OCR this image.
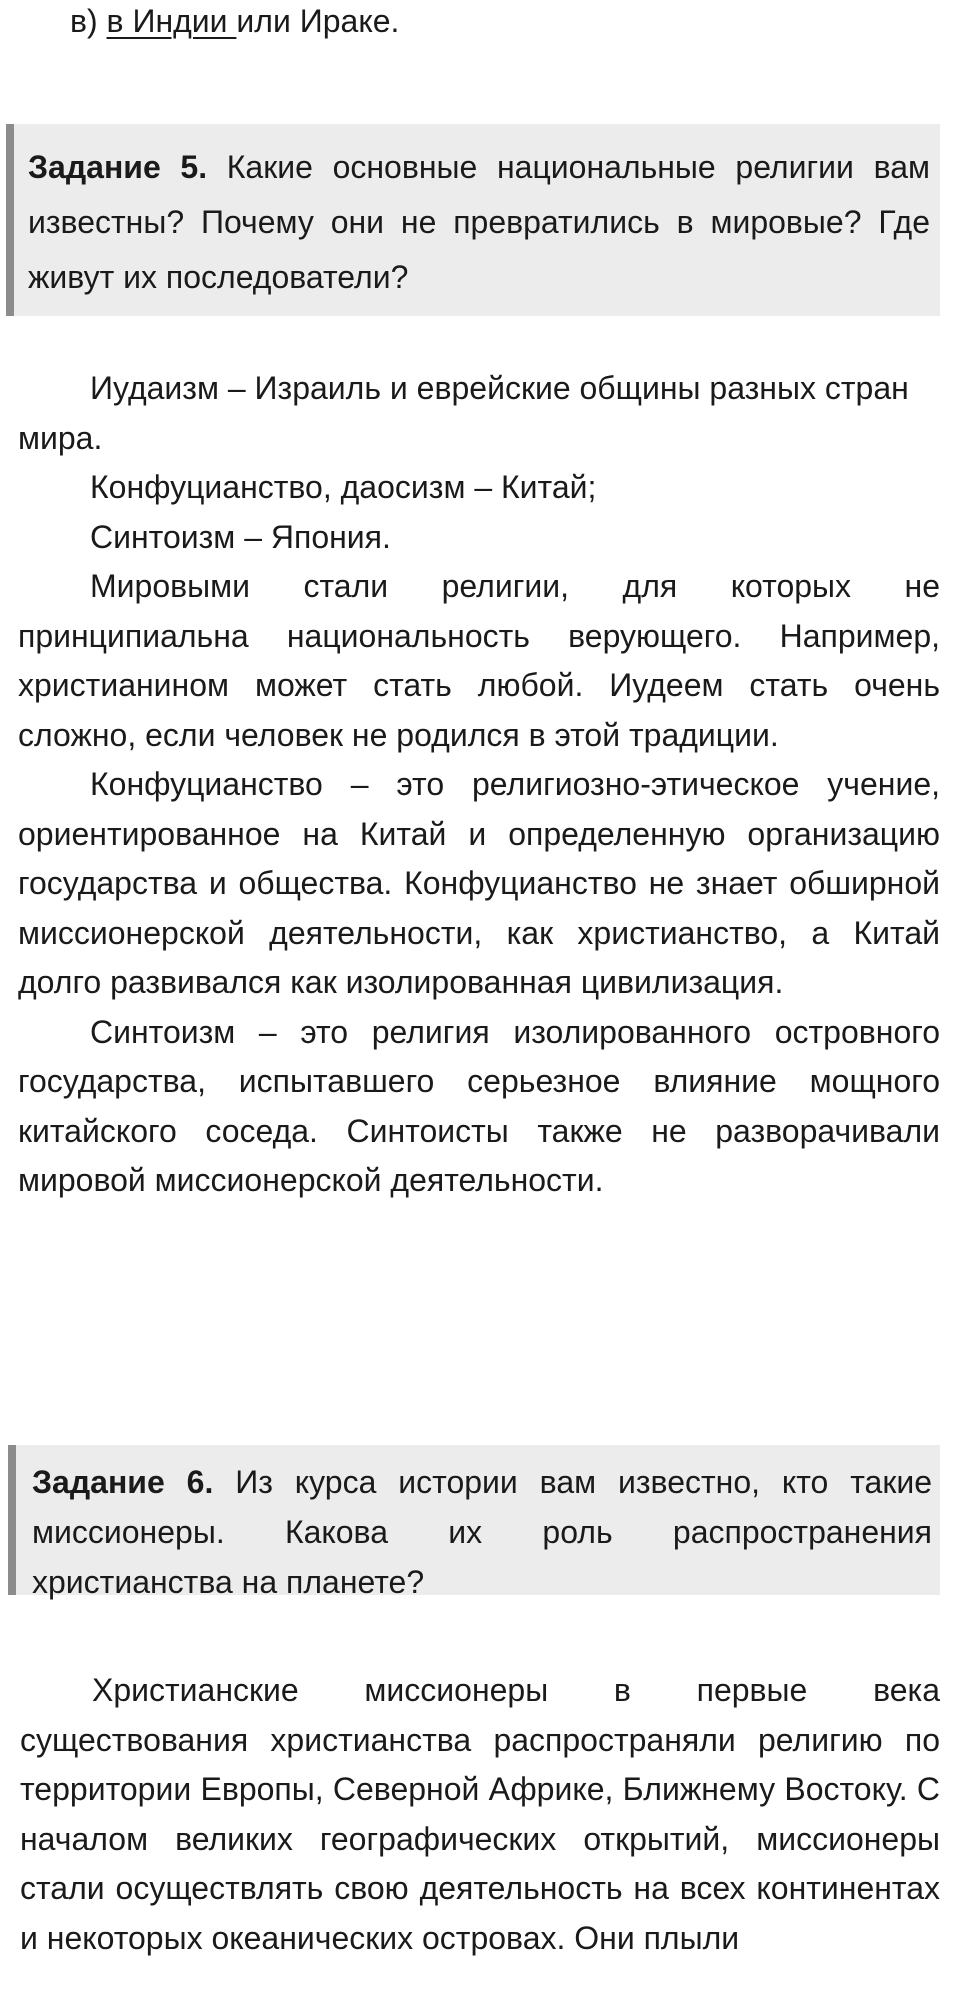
в) в Индии или Ираке.
Задание 5. Какие основные национальные религии вам известны? Почему они не превратились в мировые? Где живут их последователи?

Иудаизм – Израиль и еврейские общины разных стран мира.

Конфуцианство, даосизм – Китай;

Синтоизм – Япония.

Мировыми стали религии, для которых не принципиальна национальность верующего. Например, христианином может стать любой. Иудеем стать очень сложно, если человек не родился в этой традиции.

Конфуцианство – это религиозно-этическое учение, ориентированное на Китай и определенную организацию государства и общества. Конфуцианство не знает обширной миссионерской деятельности, как христианство, а Китай долго развивался как изолированная цивилизация.

Синтоизм – это религия изолированного островного государства, испытавшего серьезное влияние мощного китайского соседа. Синтоисты также не разворачивали мировой миссионерской деятельности.

Задание 6. Из курса истории вам известно, кто такие миссионеры. Какова их роль распространения христианства на планете?

Христианские миссионеры в первые века существования христианства распространяли религию по территории Европы, Северной Африке, Ближнему Востоку. С началом великих географических открытий, миссионеры стали осуществлять свою деятельность на всех континентах и некоторых океанических островах. Они плыли
